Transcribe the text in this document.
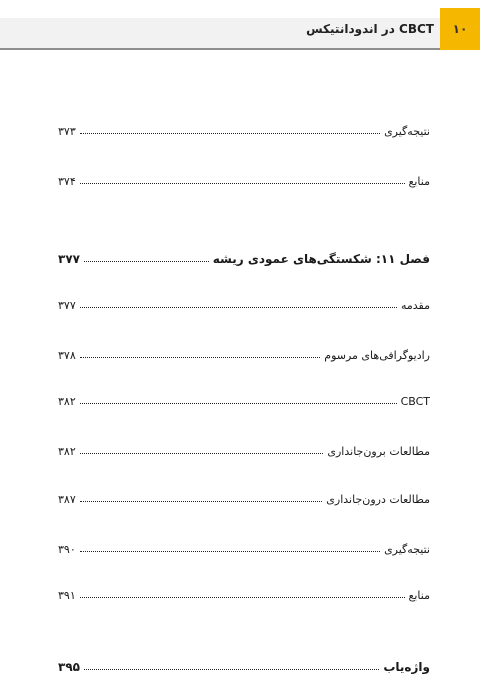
CBCT در اندودانتیکس ۱۰
نتیجه‌گیری
۳۷۳
منابع
۳۷۴
فصل ۱۱: شکستگی‌های عمودی ریشه
۳۷۷
مقدمه
۳۷۷
رادیوگرافی‌های مرسوم
۳۷۸
CBCT
۳۸۲
مطالعات برون‌جانداری
۳۸۲
مطالعات درون‌جانداری
۳۸۷
نتیجه‌گیری
۳۹۰
منابع
۳۹۱
واژه‌یاب
۳۹۵
